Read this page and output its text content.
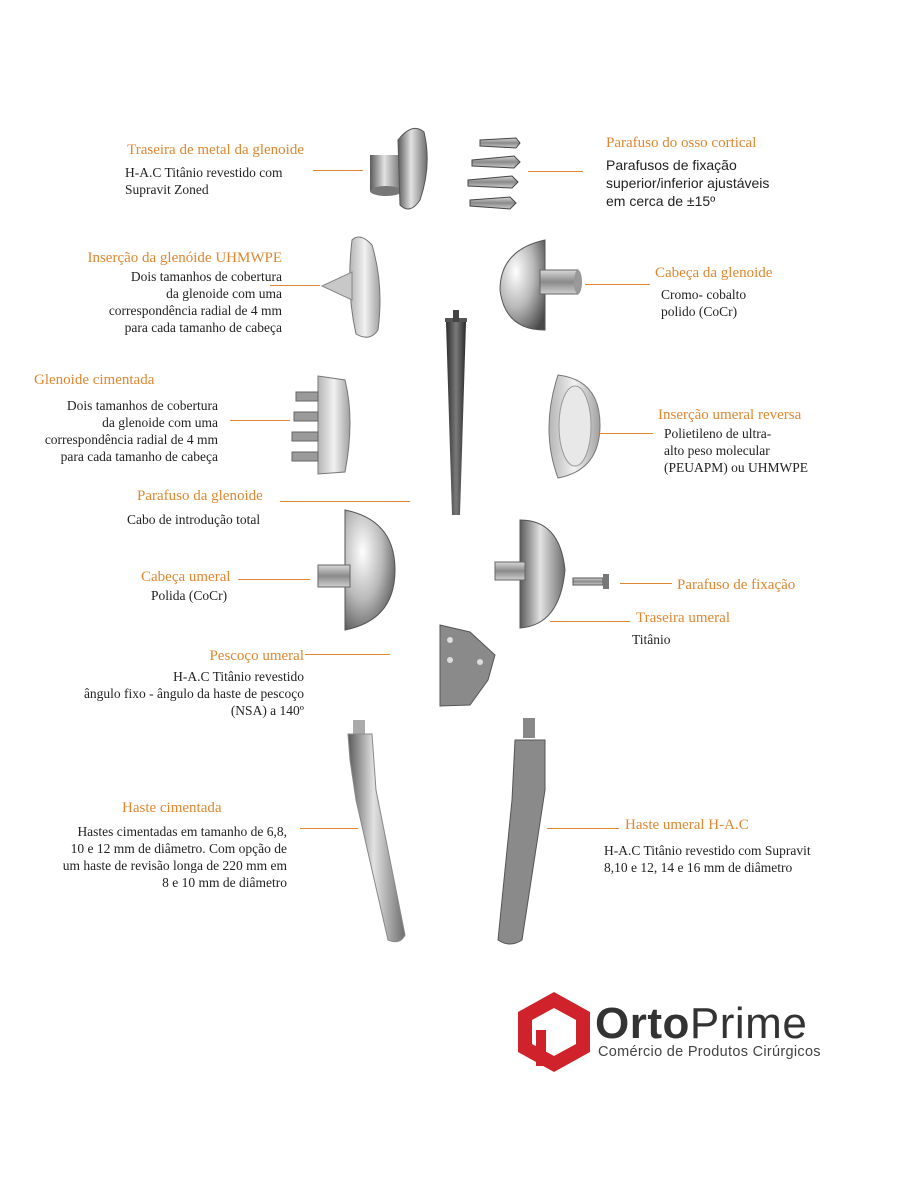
Traseira de metal da glenoide
H-A.C Titânio revestido com
Supravit Zoned
Parafuso do osso cortical
Parafusos de fixação
superior/inferior ajustáveis
em cerca de ±15º
Inserção da glenóide UHMWPE
Dois tamanhos de cobertura
da glenoide com uma
correspondência radial de 4 mm
para cada tamanho de cabeça
Cabeça da glenoide
Cromo- cobalto
polido (CoCr)
Glenoide cimentada
Dois tamanhos de cobertura
da glenoide com uma
correspondência radial de 4 mm
para cada tamanho de cabeça
Inserção umeral reversa
Polietileno de ultra-
alto peso molecular
(PEUAPM) ou UHMWPE
Parafuso da glenoide
Cabo de introdução total
Cabeça umeral
Polida (CoCr)
Parafuso de fixação
Traseira umeral
Titânio
Pescoço umeral
H-A.C Titânio revestido
ângulo fixo - ângulo da haste de pescoço
(NSA) a 140º
Haste cimentada
Hastes cimentadas em tamanho de 6,8,
10 e 12 mm de diâmetro. Com opção de
um haste de revisão longa de 220 mm em
8 e 10 mm de diâmetro
Haste umeral H-A.C
H-A.C Titânio revestido com Supravit
8,10 e 12, 14 e 16 mm de diâmetro
OrtoPrime
Comércio de Produtos Cirúrgicos
